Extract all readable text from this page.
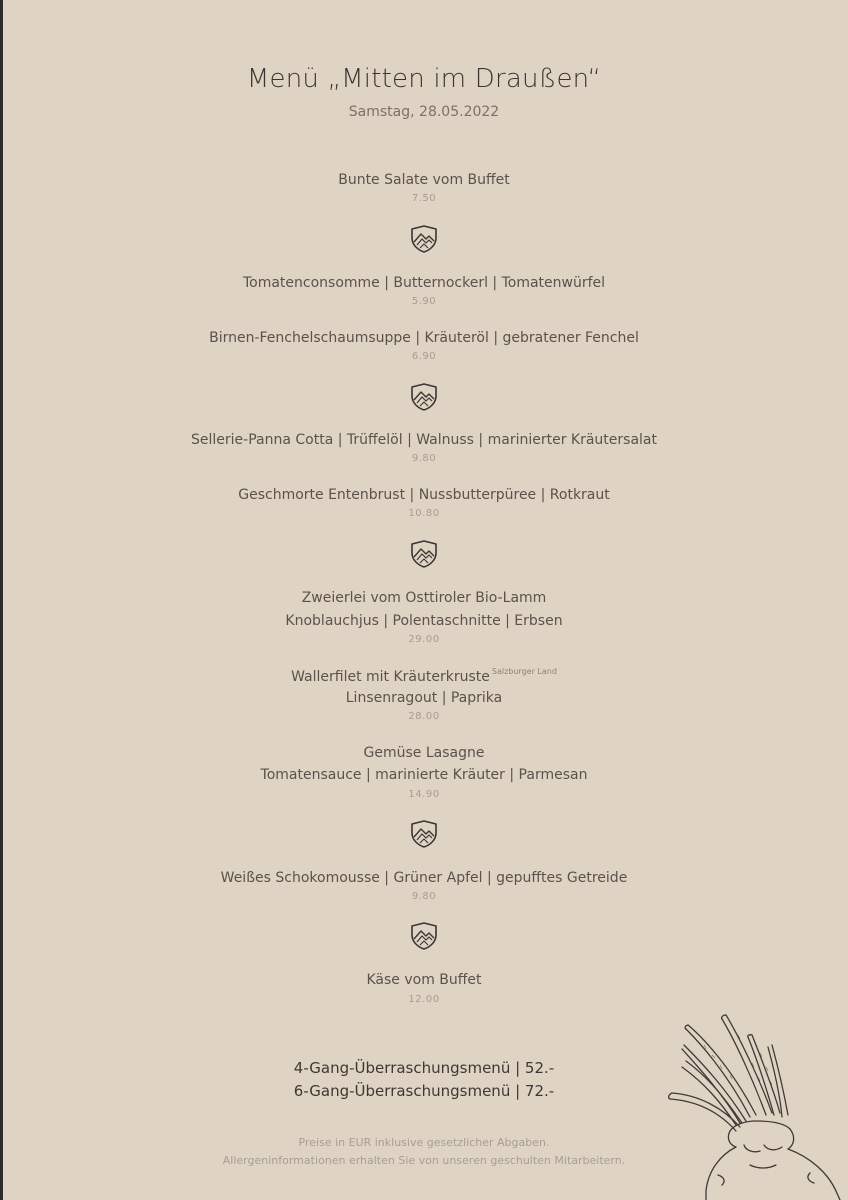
Menü „Mitten im Draußen“
Samstag, 28.05.2022
Bunte Salate vom Buffet
7.50
Tomatenconsomme | Butternockerl | Tomatenwürfel
5.90
Birnen-Fenchelschaumsuppe | Kräuteröl | gebratener Fenchel
6.90
Sellerie-Panna Cotta | Trüffelöl | Walnuss | marinierter Kräutersalat
9.80
Geschmorte Entenbrust | Nussbutterpüree | Rotkraut
10.80
Zweierlei vom Osttiroler Bio-Lamm
Knoblauchjus | Polentaschnitte | Erbsen
29.00
Wallerfilet mit Kräuterkruste $^{Salzburger Land}$
Linsenragout | Paprika
28.00
Gemüse Lasagne
Tomatensauce | marinierte Kräuter | Parmesan
14.90
Weißes Schokomousse | Grüner Apfel | gepufftes Getreide
9.80
Käse vom Buffet
12.00
4-Gang-Überraschungsmenü | 52.-
6-Gang-Überraschungsmenü | 72.-
Preise in EUR inklusive gesetzlicher Abgaben.
Allergeninformationen erhalten Sie von unseren geschulten Mitarbeitern.
